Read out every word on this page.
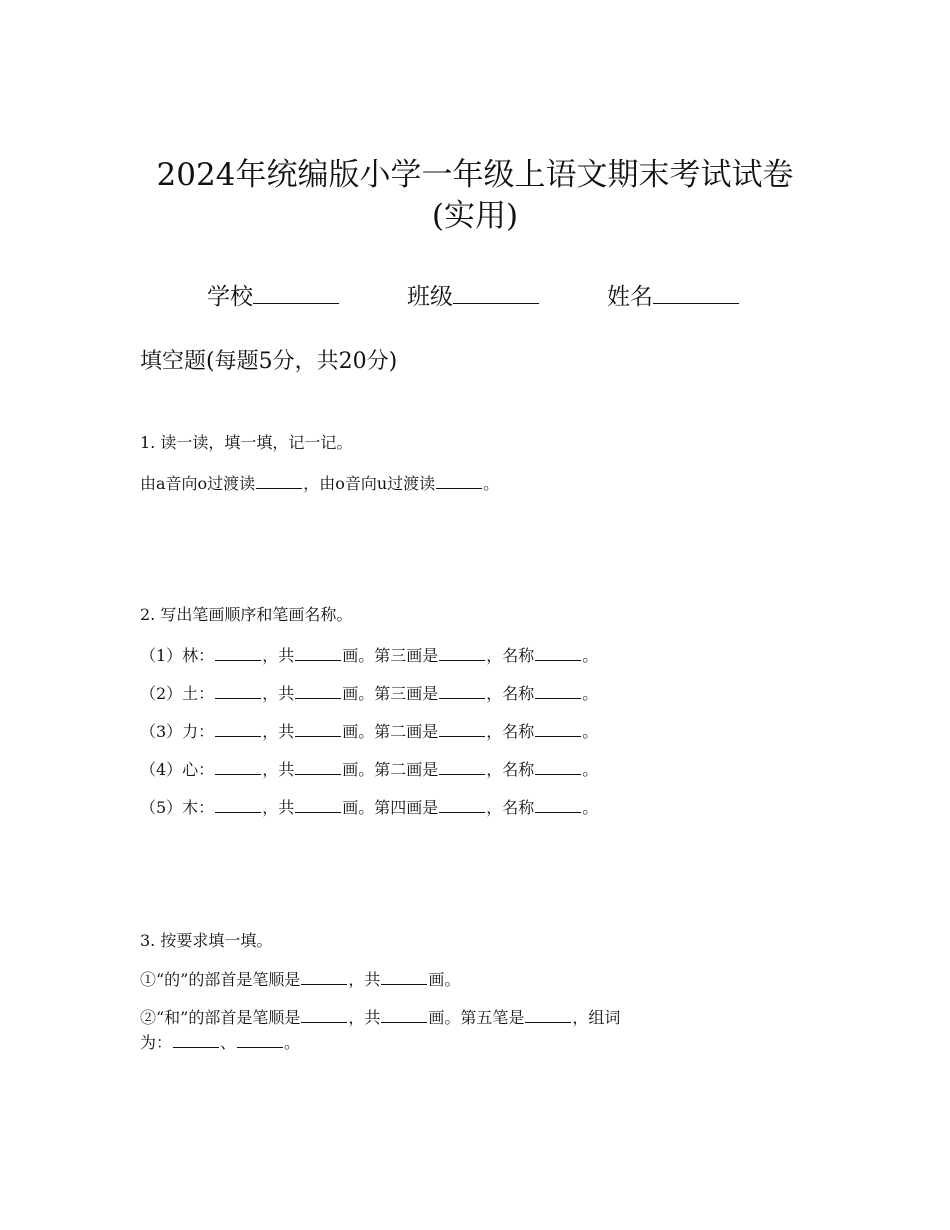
2024年统编版小学一年级上语文期末考试试卷
(实用)
学校	班级	姓名
填空题(每题5分，共20分)
1. 读一读，填一填，记一记。
由a音向o过渡读	，由o音向u过渡读	。
2. 写出笔画顺序和笔画名称。
（1）林：	，共	画。第三画是	，名称	。
（2）土：	，共	画。第三画是	，名称	。
（3）力：	，共	画。第二画是	，名称	。
（4）心：	，共	画。第二画是	，名称	。
（5）木：	，共	画。第四画是	，名称	。
3. 按要求填一填。
①“的”的部首是笔顺是	，共	画。
②“和”的部首是笔顺是	，共	画。第五笔是	，组词
为：	、	。
